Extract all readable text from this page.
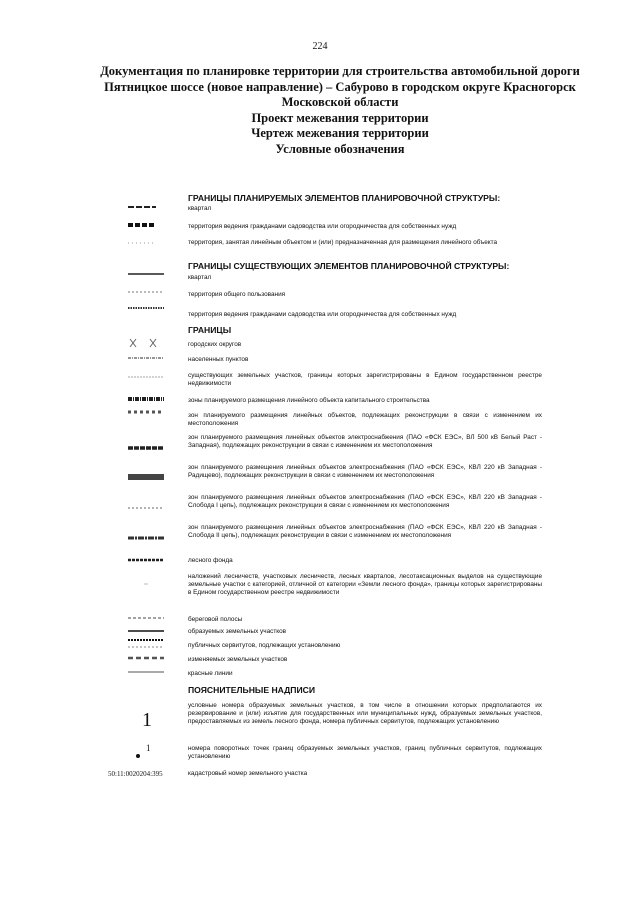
224
Документация по планировке территории для строительства автомобильной дороги
Пятницкое шоссе (новое направление) – Сабурово в городском округе Красногорск
Московской области
Проект межевания территории
Чертеж межевания территории
Условные обозначения
ГРАНИЦЫ ПЛАНИРУЕМЫХ ЭЛЕМЕНТОВ ПЛАНИРОВОЧНОЙ СТРУКТУРЫ:
квартал
территория ведения гражданами садоводства или огородничества для собственных нужд
территория, занятая линейным объектом и (или) предназначенная для размещения линейного объекта
ГРАНИЦЫ СУЩЕСТВУЮЩИХ ЭЛЕМЕНТОВ ПЛАНИРОВОЧНОЙ СТРУКТУРЫ:
квартал
территория общего пользования
территория ведения гражданами садоводства или огородничества для собственных нужд
ГРАНИЦЫ
городских округов
населенных пунктов
существующих земельных участков, границы которых зарегистрированы в Едином государственном реестре недвижимости
зоны планируемого размещения линейного объекта капитального строительства
зон планируемого размещения линейных объектов, подлежащих реконструкции в связи с изменением их местоположения
зон планируемого размещения линейных объектов электроснабжения (ПАО «ФСК ЕЭС», ВЛ 500 кВ Белый Раст - Западная), подлежащих реконструкции в связи с изменением их местоположения
зон планируемого размещения линейных объектов электроснабжения (ПАО «ФСК ЕЭС», КВЛ 220 кВ Западная - Радищево), подлежащих реконструкции в связи с изменением их местоположения
зон планируемого размещения линейных объектов электроснабжения (ПАО «ФСК ЕЭС», КВЛ 220 кВ Западная - Слобода I цепь), подлежащих реконструкции в связи с изменением их местоположения
зон планируемого размещения линейных объектов электроснабжения (ПАО «ФСК ЕЭС», КВЛ 220 кВ Западная - Слобода II цепь), подлежащих реконструкции в связи с изменением их местоположения
лесного фонда
наложений лесничеств, участковых лесничеств, лесных кварталов, лесотаксационных выделов на существующие земельные участки с категорией, отличной от категории «Земли лесного фонда», границы которых зарегистрированы в Едином государственном реестре недвижимости
береговой полосы
образуемых земельных участков
публичных сервитутов, подлежащих установлению
изменяемых земельных участков
красные линии
ПОЯСНИТЕЛЬНЫЕ НАДПИСИ
1
условные номера образуемых земельных участков, в том числе в отношении которых предполагаются их резервирование и (или) изъятие для государственных или муниципальных нужд, образуемых земельных участков, предоставляемых из земель лесного фонда, номера публичных сервитутов, подлежащих установлению
1	номера поворотных точек границ образуемых земельных участков, границ публичных сервитутов, подлежащих установлению
50:11:0020204:395	кадастровый номер земельного участка
